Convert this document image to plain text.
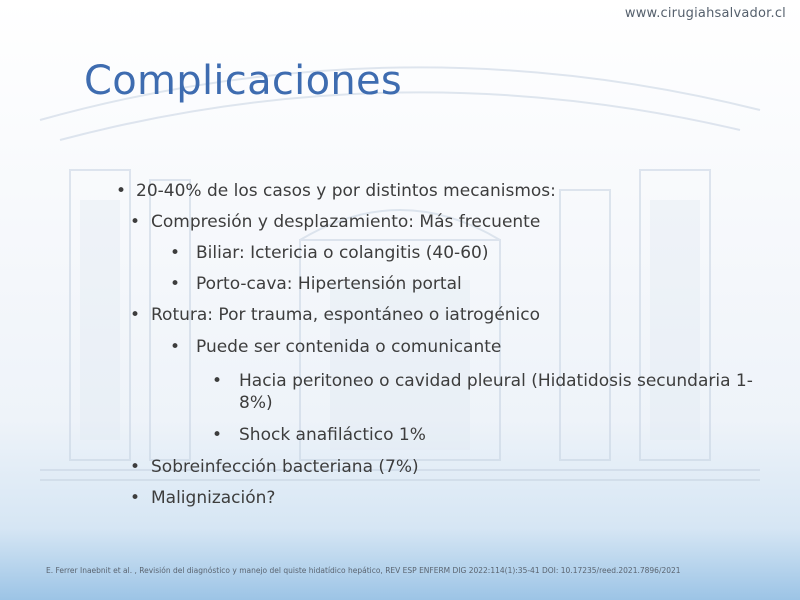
www.cirugiahsalvador.cl
Complicaciones
• 20-40% de los casos y por distintos mecanismos:
• Compresión y desplazamiento: Más frecuente
• Biliar: Ictericia o colangitis (40-60)
• Porto-cava: Hipertensión portal
• Rotura: Por trauma, espontáneo o iatrogénico
• Puede ser contenida o comunicante
• Hacia peritoneo o cavidad pleural (Hidatidosis secundaria 1-8%)
• Shock anafiláctico 1%
• Sobreinfección bacteriana (7%)
• Malignización?
E. Ferrer Inaebnit et al. , Revisión del diagnóstico y manejo del quiste hidatídico hepático, REV ESP ENFERM DIG 2022:114(1):35-41 DOI: 10.17235/reed.2021.7896/2021
